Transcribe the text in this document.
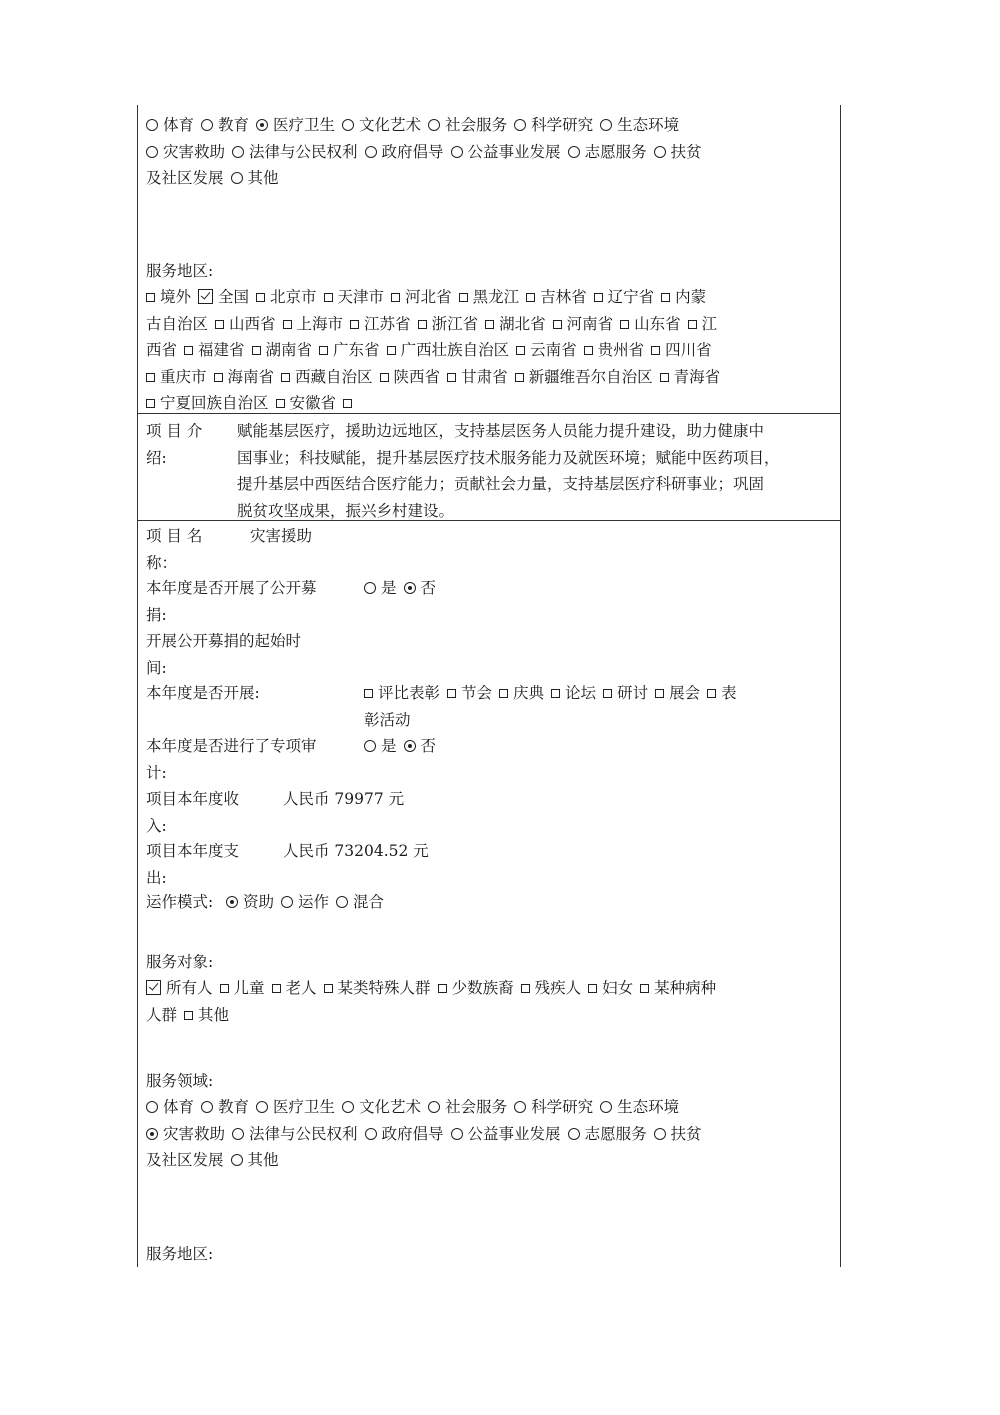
体育 教育 医疗卫生 文化艺术 社会服务 科学研究 生态环境
灾害救助 法律与公民权利 政府倡导 公益事业发展 志愿服务 扶贫
及社区发展 其他
服务地区:
境外 全国 北京市 天津市 河北省 黑龙江 吉林省 辽宁省 内蒙
古自治区 山西省 上海市 江苏省 浙江省 湖北省 河南省 山东省 江
西省 福建省 湖南省 广东省 广西壮族自治区 云南省 贵州省 四川省
重庆市 海南省 西藏自治区 陕西省 甘肃省 新疆维吾尔自治区 青海省
宁夏回族自治区 安徽省
项 目 介
绍:
赋能基层医疗，援助边远地区，支持基层医务人员能力提升建设，助力健康中
国事业；科技赋能，提升基层医疗技术服务能力及就医环境；赋能中医药项目，
提升基层中西医结合医疗能力；贡献社会力量，支持基层医疗科研事业；巩固
脱贫攻坚成果，振兴乡村建设。
项 目 名
称：
灾害援助
本年度是否开展了公开募
捐:
是 否
开展公开募捐的起始时
间:
本年度是否开展:	评比表彰 节会 庆典 论坛 研讨 展会 表
彰活动
本年度是否进行了专项审
计:
是 否
项目本年度收
入:
人民币 79977 元
项目本年度支
出:
人民币 73204.52 元
运作模式:	资助 运作 混合
服务对象:
所有人 儿童 老人 某类特殊人群 少数族裔 残疾人 妇女 某种病种
人群 其他
服务领域:
体育 教育 医疗卫生 文化艺术 社会服务 科学研究 生态环境
灾害救助 法律与公民权利 政府倡导 公益事业发展 志愿服务 扶贫
及社区发展 其他
服务地区:
